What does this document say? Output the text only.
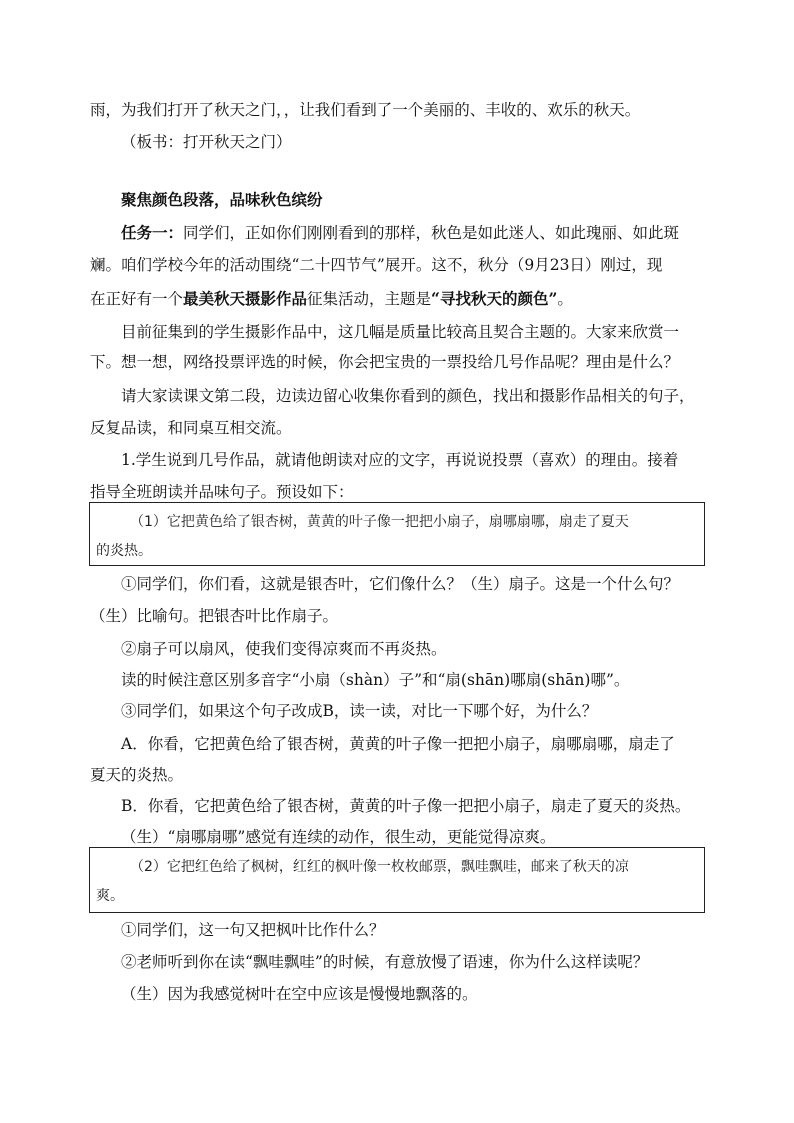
雨，为我们打开了秋天之门，，让我们看到了一个美丽的、丰收的、欢乐的秋天。
（板书：打开秋天之门）
聚焦颜色段落，品味秋色缤纷
任务一：同学们，正如你们刚刚看到的那样，秋色是如此迷人、如此瑰丽、如此斑
斓。咱们学校今年的活动围绕“二十四节气”展开。这不，秋分（9月23日）刚过，现
在正好有一个最美秋天摄影作品征集活动，主题是“寻找秋天的颜色”。
目前征集到的学生摄影作品中，这几幅是质量比较高且契合主题的。大家来欣赏一
下。想一想，网络投票评选的时候，你会把宝贵的一票投给几号作品呢？理由是什么？
请大家读课文第二段，边读边留心收集你看到的颜色，找出和摄影作品相关的句子，
反复品读，和同桌互相交流。
1.学生说到几号作品，就请他朗读对应的文字，再说说投票（喜欢）的理由。接着
指导全班朗读并品味句子。预设如下：
（1）它把黄色给了银杏树，黄黄的叶子像一把把小扇子，扇哪扇哪，扇走了夏天
的炎热。
①同学们，你们看，这就是银杏叶，它们像什么？（生）扇子。这是一个什么句？
（生）比喻句。把银杏叶比作扇子。
②扇子可以扇风，使我们变得凉爽而不再炎热。
读的时候注意区别多音字“小扇（shàn）子”和“扇(shān)哪扇(shān)哪”。
③同学们，如果这个句子改成B，读一读，对比一下哪个好，为什么？
A．你看，它把黄色给了银杏树，黄黄的叶子像一把把小扇子，扇哪扇哪，扇走了
夏天的炎热。
B．你看，它把黄色给了银杏树，黄黄的叶子像一把把小扇子，扇走了夏天的炎热。
（生）“扇哪扇哪”感觉有连续的动作，很生动，更能觉得凉爽。
（2）它把红色给了枫树，红红的枫叶像一枚枚邮票，飘哇飘哇，邮来了秋天的凉
爽。
①同学们，这一句又把枫叶比作什么？
②老师听到你在读“飘哇飘哇”的时候，有意放慢了语速，你为什么这样读呢？
（生）因为我感觉树叶在空中应该是慢慢地飘落的。
